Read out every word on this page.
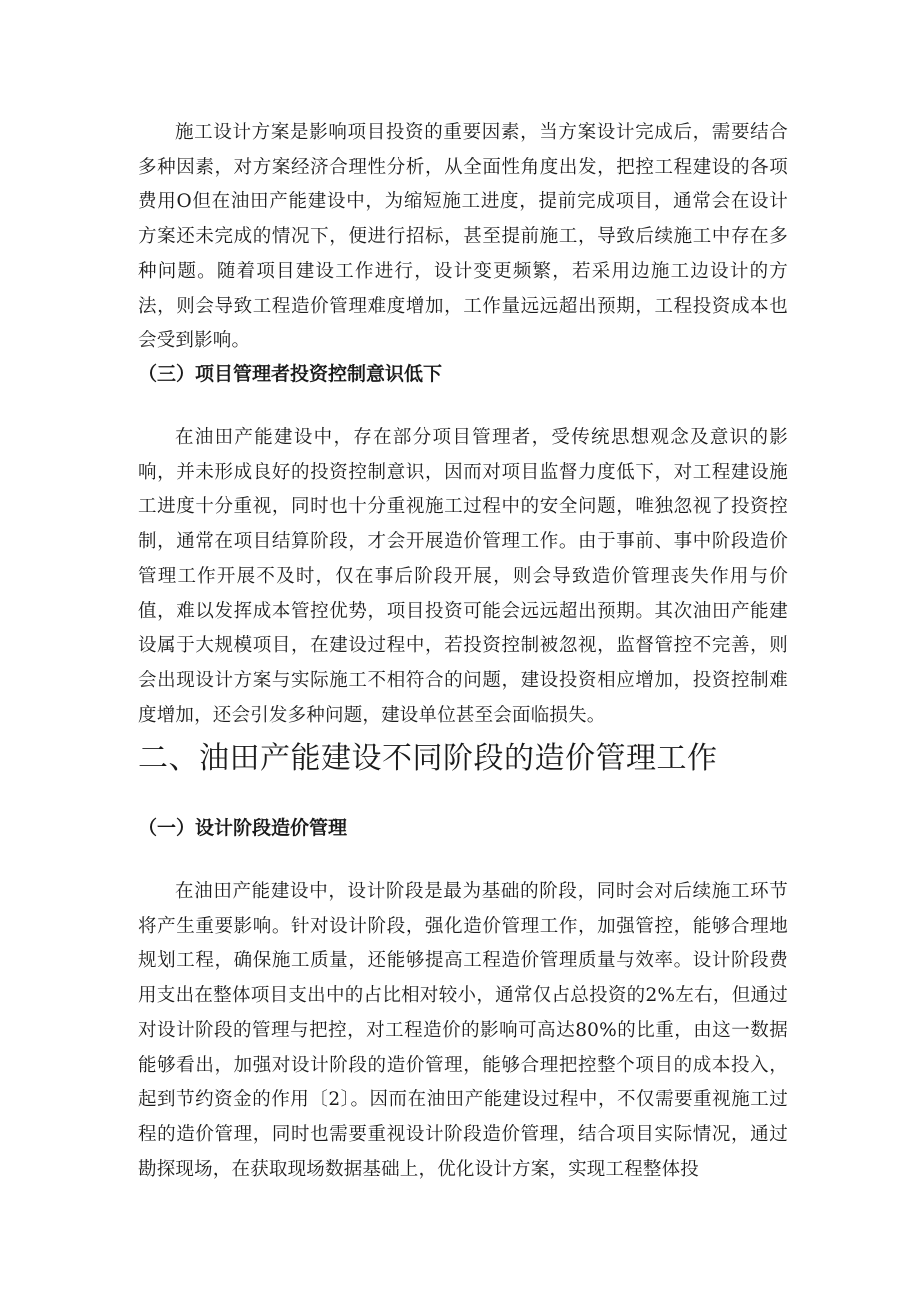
施工设计方案是影响项目投资的重要因素，当方案设计完成后，需要结合多种因素，对方案经济合理性分析，从全面性角度出发，把控工程建设的各项费用O但在油田产能建设中，为缩短施工进度，提前完成项目，通常会在设计方案还未完成的情况下，便进行招标，甚至提前施工，导致后续施工中存在多种问题。随着项目建设工作进行，设计变更频繁，若采用边施工边设计的方法，则会导致工程造价管理难度增加，工作量远远超出预期，工程投资成本也会受到影响。

（三）项目管理者投资控制意识低下

在油田产能建设中，存在部分项目管理者，受传统思想观念及意识的影响，并未形成良好的投资控制意识，因而对项目监督力度低下，对工程建设施工进度十分重视，同时也十分重视施工过程中的安全问题，唯独忽视了投资控制，通常在项目结算阶段，才会开展造价管理工作。由于事前、事中阶段造价管理工作开展不及时，仅在事后阶段开展，则会导致造价管理丧失作用与价值，难以发挥成本管控优势，项目投资可能会远远超出预期。其次油田产能建设属于大规模项目，在建设过程中，若投资控制被忽视，监督管控不完善，则会出现设计方案与实际施工不相符合的问题，建设投资相应增加，投资控制难度增加，还会引发多种问题，建设单位甚至会面临损失。

二、油田产能建设不同阶段的造价管理工作
（一）设计阶段造价管理

在油田产能建设中，设计阶段是最为基础的阶段，同时会对后续施工环节将产生重要影响。针对设计阶段，强化造价管理工作，加强管控，能够合理地规划工程，确保施工质量，还能够提高工程造价管理质量与效率。设计阶段费用支出在整体项目支出中的占比相对较小，通常仅占总投资的2%左右，但通过对设计阶段的管理与把控，对工程造价的影响可高达80%的比重，由这一数据能够看出，加强对设计阶段的造价管理，能够合理把控整个项目的成本投入，起到节约资金的作用〔2〕。因而在油田产能建设过程中，不仅需要重视施工过程的造价管理，同时也需要重视设计阶段造价管理，结合项目实际情况，通过勘探现场，在获取现场数据基础上，优化设计方案，实现工程整体投
